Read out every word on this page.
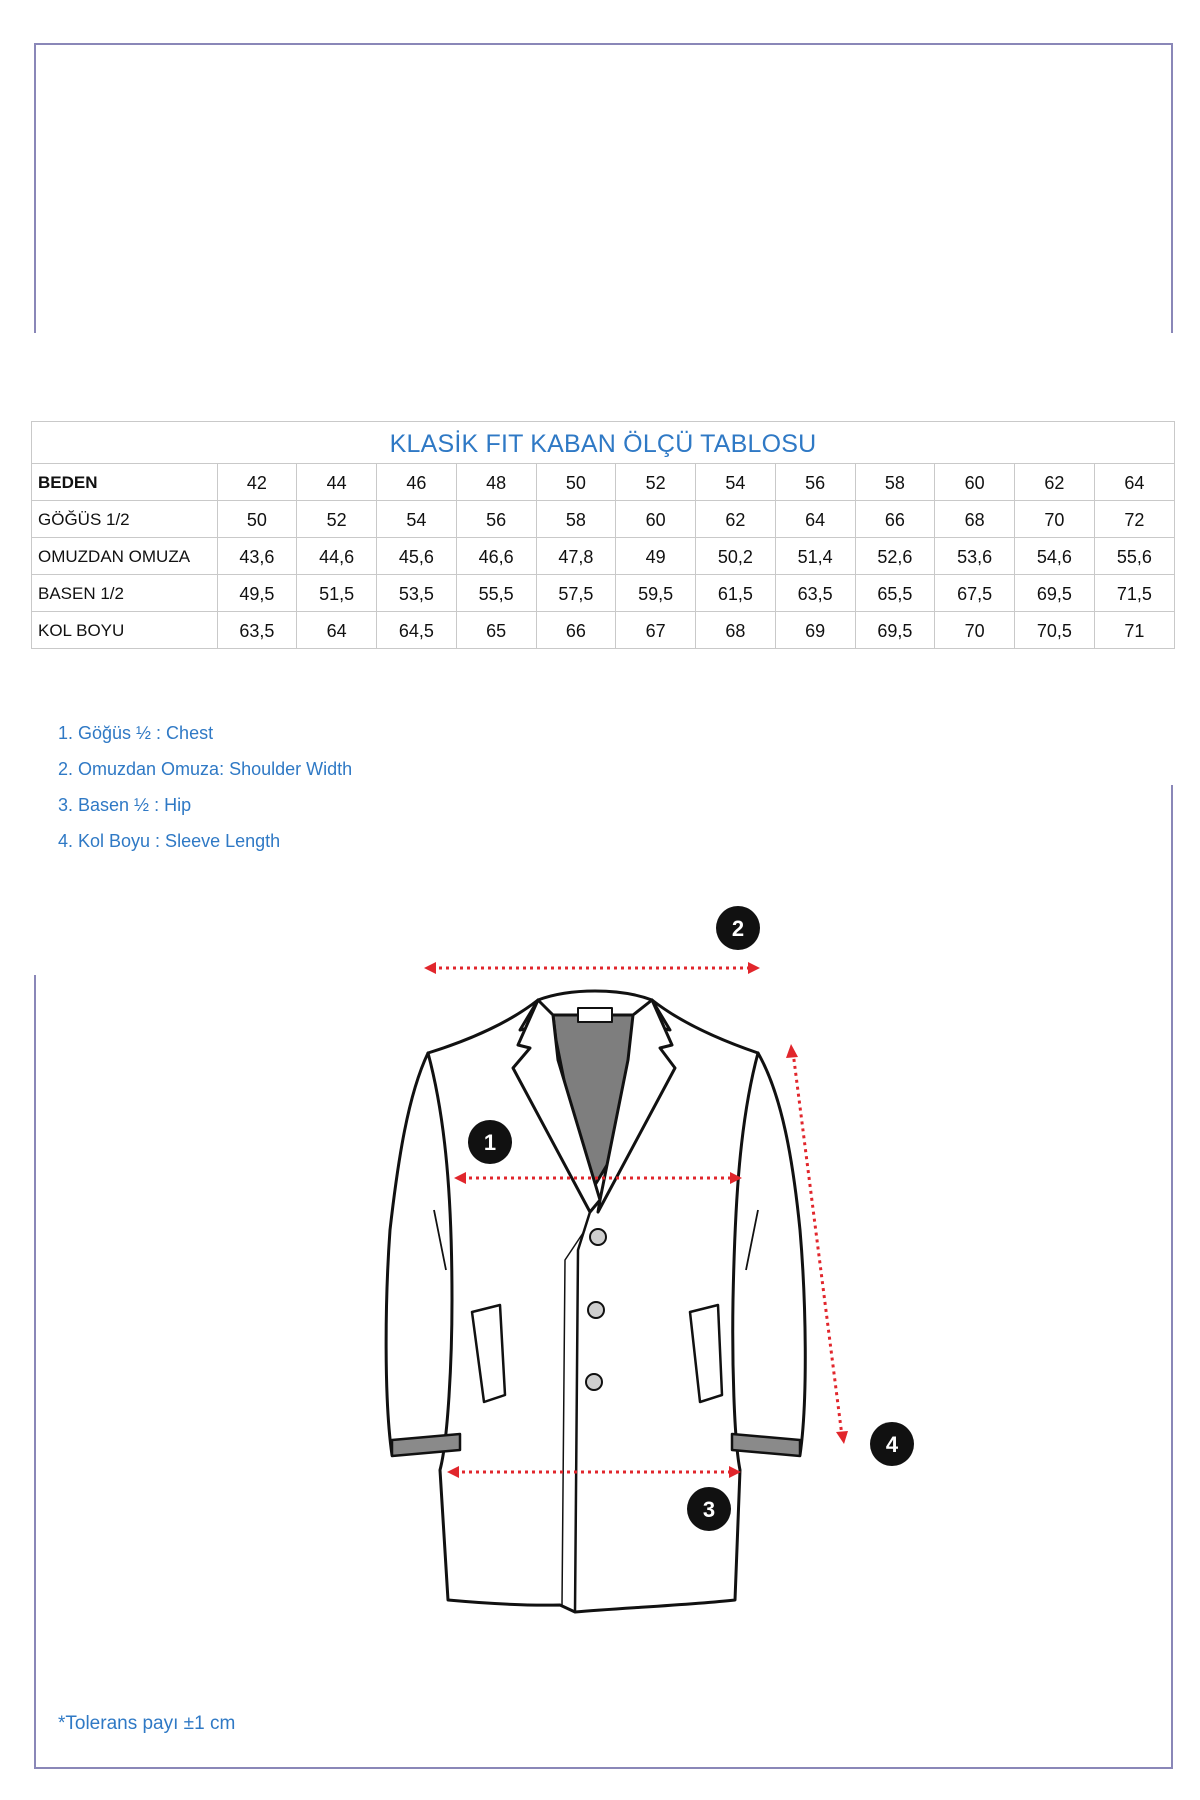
KLASİK FIT KABAN ÖLÇÜ TABLOSU
BEDEN	42	44	46	48	50	52	54	56	58	60	62	64
GÖĞÜS 1/2	50	52	54	56	58	60	62	64	66	68	70	72
OMUZDAN OMUZA	43,6	44,6	45,6	46,6	47,8	49	50,2	51,4	52,6	53,6	54,6	55,6
BASEN 1/2	49,5	51,5	53,5	55,5	57,5	59,5	61,5	63,5	65,5	67,5	69,5	71,5
KOL BOYU	63,5	64	64,5	65	66	67	68	69	69,5	70	70,5	71
1. Göğüs ½ : Chest
2. Omuzdan Omuza: Shoulder Width
3. Basen ½ : Hip
4. Kol Boyu : Sleeve Length
1
2
3
4
*Tolerans payı ±1 cm
